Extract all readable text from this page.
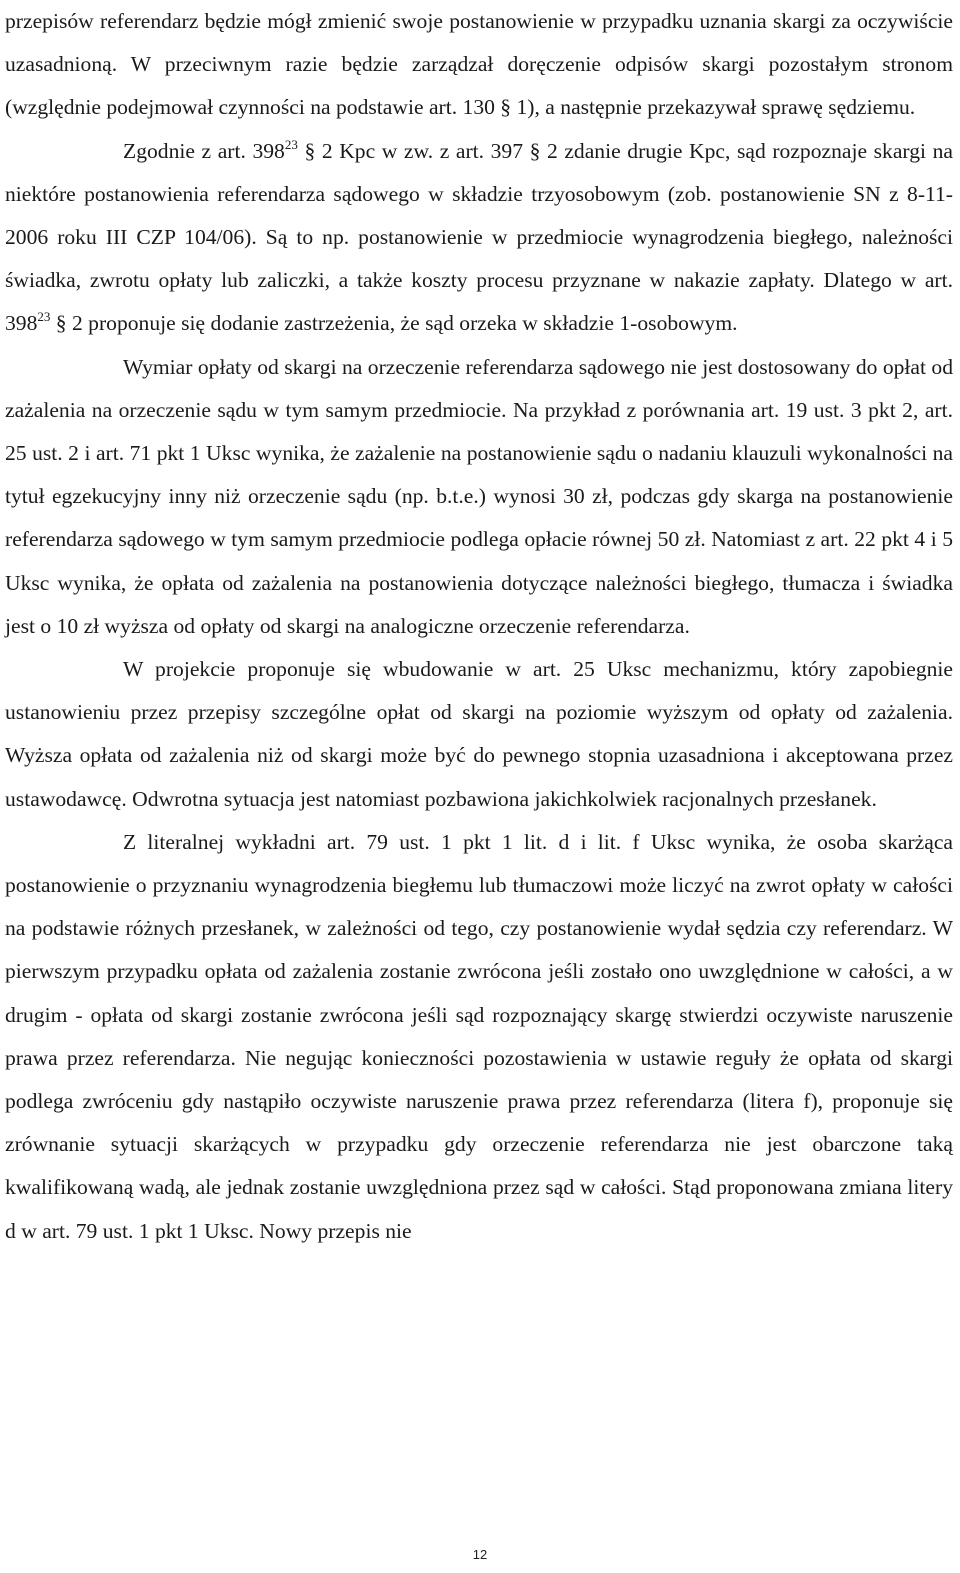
przepisów referendarz będzie mógł zmienić swoje postanowienie w przypadku uznania skargi za oczywiście uzasadnioną. W przeciwnym razie będzie zarządzał doręczenie odpisów skargi pozostałym stronom (względnie podejmował czynności na podstawie art. 130 § 1), a następnie przekazywał sprawę sędziemu.

Zgodnie z art. $398^{23}$ § 2 Kpc w zw. z art. 397 § 2 zdanie drugie Kpc, sąd rozpoznaje skargi na niektóre postanowienia referendarza sądowego w składzie trzyosobowym (zob. postanowienie SN z 8-11-2006 roku III CZP 104/06). Są to np. postanowienie w przedmiocie wynagrodzenia biegłego, należności świadka, zwrotu opłaty lub zaliczki, a także koszty procesu przyznane w nakazie zapłaty. Dlatego w art. $398^{23}$ § 2 proponuje się dodanie zastrzeżenia, że sąd orzeka w składzie 1-osobowym.

Wymiar opłaty od skargi na orzeczenie referendarza sądowego nie jest dostosowany do opłat od zażalenia na orzeczenie sądu w tym samym przedmiocie. Na przykład z porównania art. 19 ust. 3 pkt 2, art. 25 ust. 2 i art. 71 pkt 1 Uksc wynika, że zażalenie na postanowienie sądu o nadaniu klauzuli wykonalności na tytuł egzekucyjny inny niż orzeczenie sądu (np. b.t.e.) wynosi 30 zł, podczas gdy skarga na postanowienie referendarza sądowego w tym samym przedmiocie podlega opłacie równej 50 zł. Natomiast z art. 22 pkt 4 i 5 Uksc wynika, że opłata od zażalenia na postanowienia dotyczące należności biegłego, tłumacza i świadka jest o 10 zł wyższa od opłaty od skargi na analogiczne orzeczenie referendarza.

W projekcie proponuje się wbudowanie w art. 25 Uksc mechanizmu, który zapobiegnie ustanowieniu przez przepisy szczególne opłat od skargi na poziomie wyższym od opłaty od zażalenia. Wyższa opłata od zażalenia niż od skargi może być do pewnego stopnia uzasadniona i akceptowana przez ustawodawcę. Odwrotna sytuacja jest natomiast pozbawiona jakichkolwiek racjonalnych przesłanek.

Z literalnej wykładni art. 79 ust. 1 pkt 1 lit. d i lit. f Uksc wynika, że osoba skarżąca postanowienie o przyznaniu wynagrodzenia biegłemu lub tłumaczowi może liczyć na zwrot opłaty w całości na podstawie różnych przesłanek, w zależności od tego, czy postanowienie wydał sędzia czy referendarz. W pierwszym przypadku opłata od zażalenia zostanie zwrócona jeśli zostało ono uwzględnione w całości, a w drugim - opłata od skargi zostanie zwrócona jeśli sąd rozpoznający skargę stwierdzi oczywiste naruszenie prawa przez referendarza. Nie negując konieczności pozostawienia w ustawie reguły że opłata od skargi podlega zwróceniu gdy nastąpiło oczywiste naruszenie prawa przez referendarza (litera f), proponuje się zrównanie sytuacji skarżących w przypadku gdy orzeczenie referendarza nie jest obarczone taką kwalifikowaną wadą, ale jednak zostanie uwzględniona przez sąd w całości. Stąd proponowana zmiana litery d w art. 79 ust. 1 pkt 1 Uksc. Nowy przepis nie

12
